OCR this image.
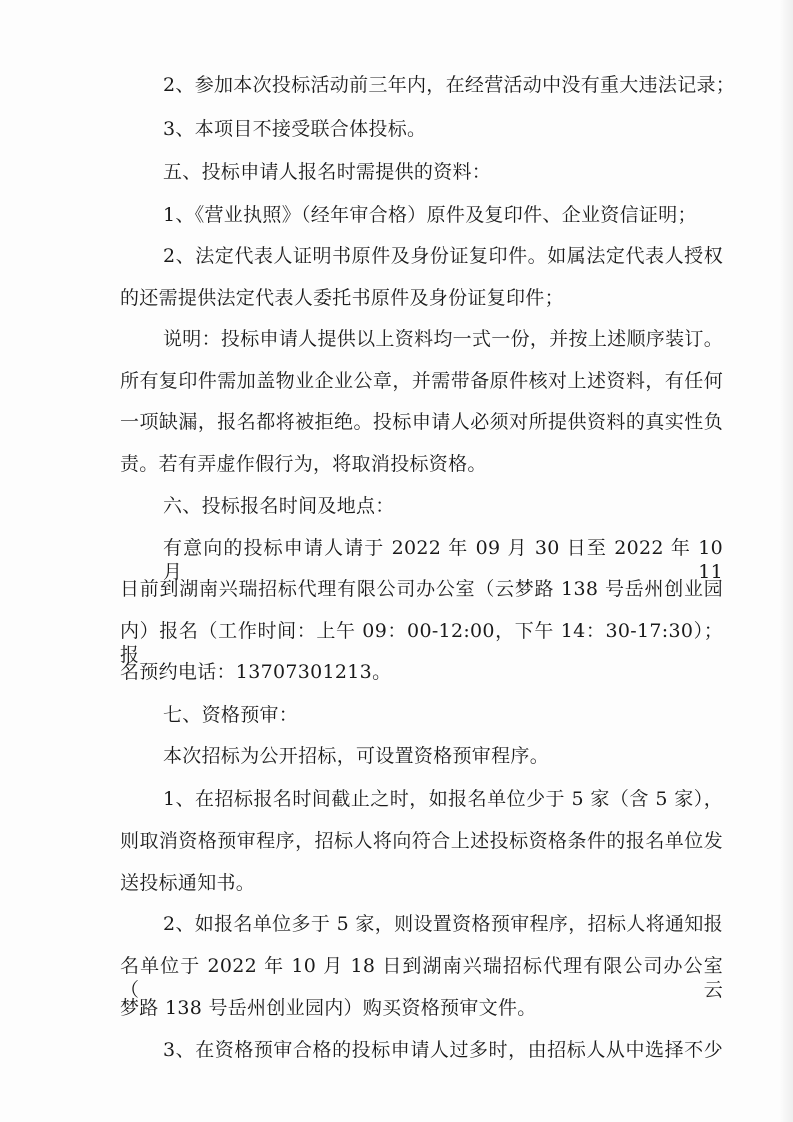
2、参加本次投标活动前三年内，在经营活动中没有重大违法记录；
3、本项目不接受联合体投标。
五、投标申请人报名时需提供的资料：
1、《营业执照》（经年审合格）原件及复印件、企业资信证明；
2、法定代表人证明书原件及身份证复印件。如属法定代表人授权
的还需提供法定代表人委托书原件及身份证复印件；
说明：投标申请人提供以上资料均一式一份，并按上述顺序装订。
所有复印件需加盖物业企业公章，并需带备原件核对上述资料，有任何
一项缺漏，报名都将被拒绝。投标申请人必须对所提供资料的真实性负
责。若有弄虚作假行为，将取消投标资格。
六、投标报名时间及地点：
有意向的投标申请人请于 2022 年 09 月 30 日至 2022 年 10 月 11
日前到湖南兴瑞招标代理有限公司办公室（云梦路 138 号岳州创业园
内）报名（工作时间：上午 09：00-12:00，下午 14：30-17:30）；报
名预约电话：13707301213。
七、资格预审：
本次招标为公开招标，可设置资格预审程序。
1、在招标报名时间截止之时，如报名单位少于 5 家（含 5 家），
则取消资格预审程序，招标人将向符合上述投标资格条件的报名单位发
送投标通知书。
2、如报名单位多于 5 家，则设置资格预审程序，招标人将通知报
名单位于 2022 年 10 月 18 日到湖南兴瑞招标代理有限公司办公室（云
梦路 138 号岳州创业园内）购买资格预审文件。
3、在资格预审合格的投标申请人过多时，由招标人从中选择不少
